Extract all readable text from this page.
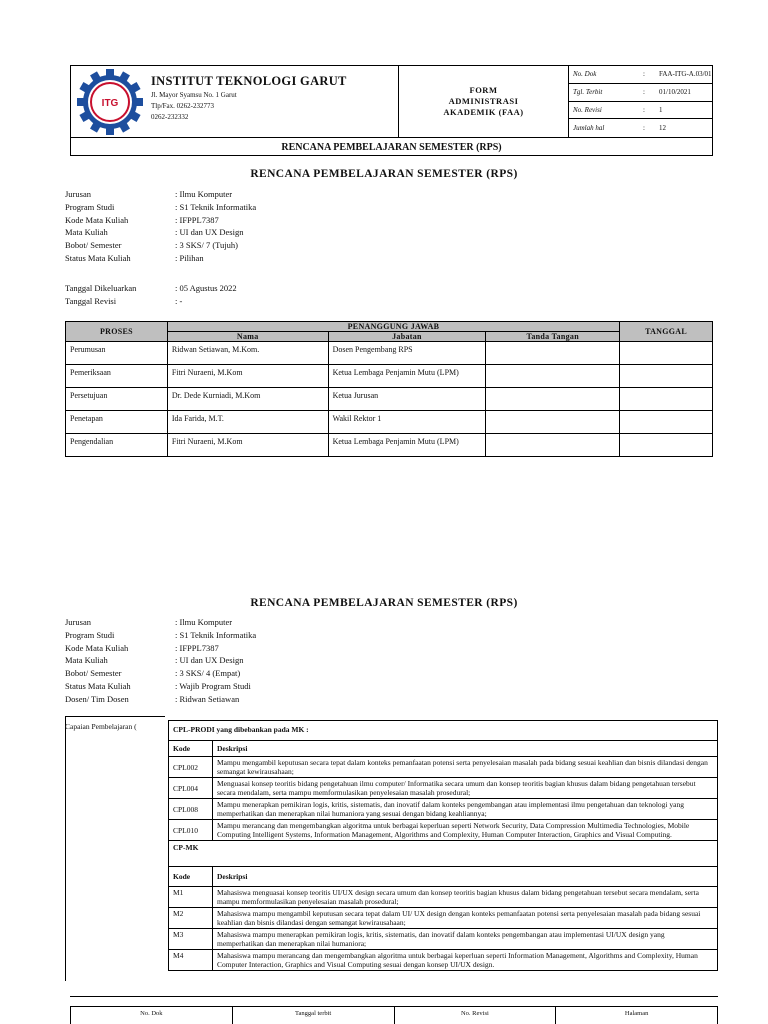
ITG
INSTITUT TEKNOLOGI GARUT
Jl. Mayor Syamsu No. 1 Garut
Tlp/Fax. 0262-232773
0262-232332
FORM
ADMINISTRASI
AKADEMIK (FAA)
No. Dok	:	FAA-ITG-A.03/01
Tgl. Terbit	:	01/10/2021
No. Revisi	:	1
Jumlah hal	:	12
RENCANA PEMBELAJARAN SEMESTER (RPS)
RENCANA PEMBELAJARAN SEMESTER (RPS)
Jurusan	: Ilmu Komputer
Program Studi	: S1 Teknik Informatika
Kode Mata Kuliah	: IFPPL7387
Mata Kuliah	: UI dan UX Design
Bobot/ Semester	: 3 SKS/ 7 (Tujuh)
Status Mata Kuliah	: Pilihan
Tanggal Dikeluarkan	: 05 Agustus 2022
Tanggal Revisi	: -
PROSES	PENANGGUNG JAWAB			TANGGAL
	Nama	Jabatan	Tanda Tangan	
Perumusan	Ridwan Setiawan, M.Kom.	Dosen Pengembang RPS		
Pemeriksaan	Fitri Nuraeni, M.Kom	Ketua Lembaga Penjamin Mutu (LPM)		
Persetujuan	Dr. Dede Kurniadi, M.Kom	Ketua Jurusan		
Penetapan	Ida Farida, M.T.	Wakil Rektor 1		
Pengendalian	Fitri Nuraeni, M.Kom	Ketua Lembaga Penjamin Mutu (LPM)		
RENCANA PEMBELAJARAN SEMESTER (RPS)
Jurusan	: Ilmu Komputer
Program Studi	: S1 Teknik Informatika
Kode Mata Kuliah	: IFPPL7387
Mata Kuliah	: UI dan UX Design
Bobot/ Semester	: 3 SKS/ 4 (Empat)
Status Mata Kuliah	: Wajib Program Studi
Dosen/ Tim Dosen	: Ridwan Setiawan
Capaian Pembelajaran (	CPL-PRODI yang dibebankan pada MK :	
Kode	Deskripsi
CPL002	Mampu mengambil keputusan secara tepat dalam konteks pemanfaatan potensi serta penyelesaian masalah pada bidang sesuai keahlian dan bisnis dilandasi dengan semangat kewirausahaan;
CPL004	Menguasai konsep teoritis bidang pengetahuan ilmu computer/ Informatika secara umum dan konsep teoritis bagian khusus dalam bidang pengetahuan tersebut secara mendalam, serta mampu memformulasikan penyelesaian masalah prosedural;
CPL008	Mampu menerapkan pemikiran logis, kritis, sistematis, dan inovatif dalam konteks pengembangan atau implementasi ilmu pengetahuan dan teknologi yang memperhatikan dan menerapkan nilai humaniora yang sesuai dengan bidang keahliannya;
CPL010	Mampu merancang dan mengembangkan algoritma untuk berbagai keperluan seperti Network Security, Data Compression Multimedia Technologies, Mobile Computing Intelligent Systems, Information Management, Algorithms and Complexity, Human Computer Interaction, Graphics and Visual Computing.
CP-MK	
Kode	Deskripsi
M1	Mahasiswa menguasai konsep teoritis UI/UX design secara umum dan konsep teoritis bagian khusus dalam bidang pengetahuan tersebut secara mendalam, serta mampu memformulasikan penyelesaian masalah prosedural;
M2	Mahasiswa mampu mengambil keputusan secara tepat dalam UI/ UX design dengan konteks pemanfaatan potensi serta penyelesaian masalah pada bidang sesuai keahlian dan bisnis dilandasi dengan semangat kewirausahaan;
M3	Mahasiswa mampu menerapkan pemikiran logis, kritis, sistematis, dan inovatif dalam konteks pengembangan atau implementasi UI/UX design yang memperhatikan dan menerapkan nilai humaniora;
M4	Mahasiswa mampu merancang dan mengembangkan algoritma untuk berbagai keperluan seperti Information Management, Algorithms and Complexity, Human Computer Interaction, Graphics and Visual Computing sesuai dengan konsep UI/UX design.
No. Dok	Tanggal terbit	No. Revisi	Halaman
